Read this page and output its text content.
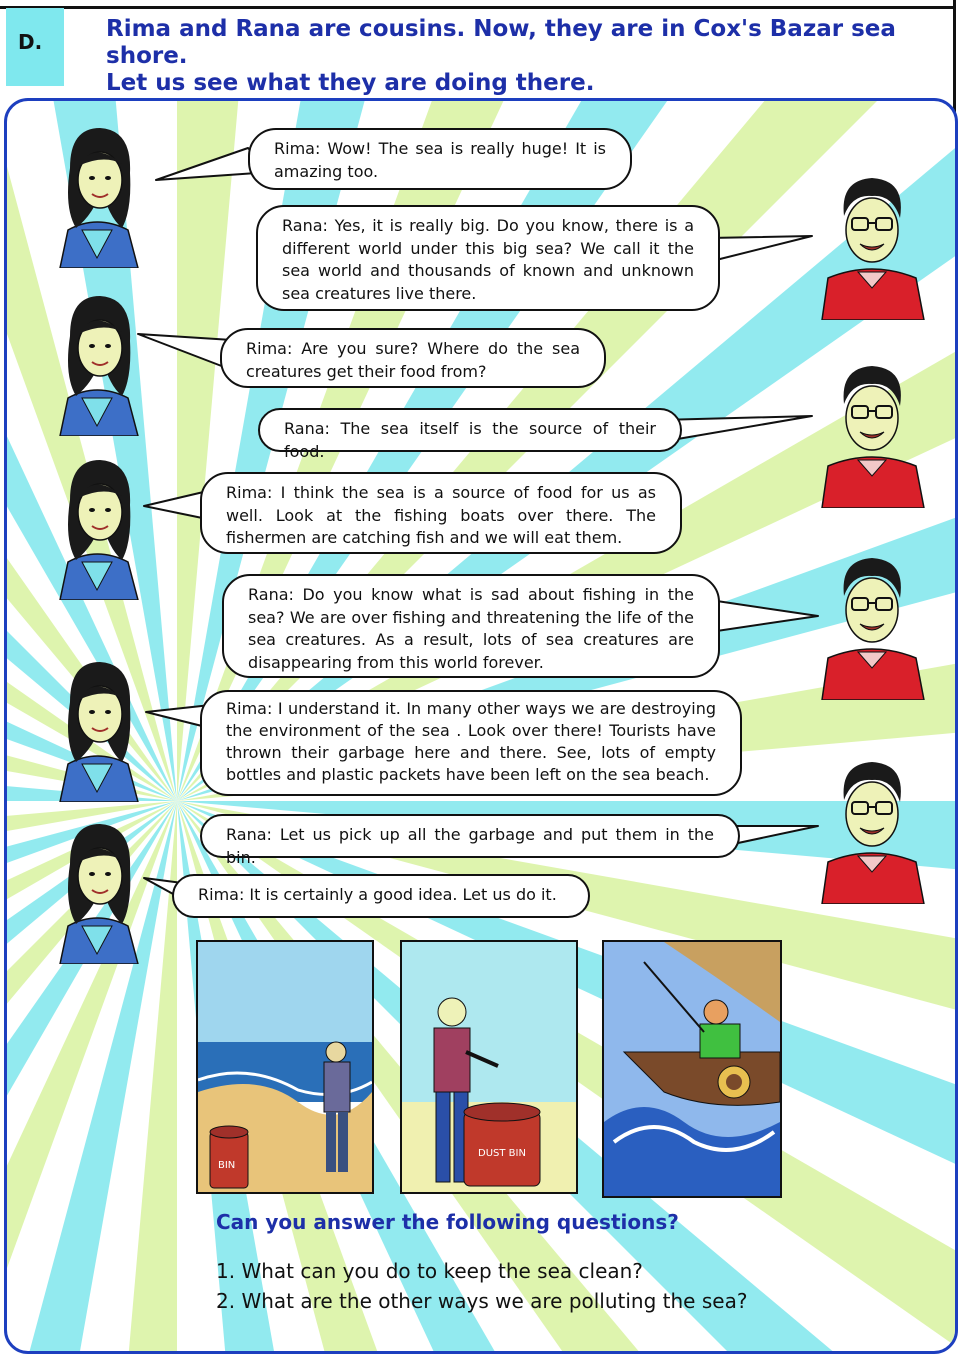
D.	Rima and Rana are cousins. Now, they are in Cox's Bazar sea shore.
Let us see what they are doing there.
Rima: Wow! The sea is really huge! It is amazing too.
Rana: Yes, it is really big. Do you know, there is a different world under this big sea? We call it the sea world and thousands of known and unknown sea creatures live there.
Rima: Are you sure? Where do the sea creatures get their food from?
Rana: The sea itself is the source of their food.
Rima: I think the sea is a source of food for us as well. Look at the fishing boats over there. The fishermen are catching fish and we will eat them.
Rana: Do you know what is sad about fishing in the sea? We are over fishing and threatening the life of the sea creatures. As a result, lots of sea creatures are disappearing from this world forever.
Rima: I understand it. In many other ways we are destroying the environment of the sea . Look over there! Tourists have thrown their garbage here and there. See, lots of empty bottles and plastic packets have been left on the sea beach.
Rana: Let us pick up all the garbage and put them in the bin.
Rima: It is certainly a good idea. Let us do it.
BIN
DUST BIN
Can you answer the following questions?
1. What can you do to keep the sea clean?
2. What are the other ways we are polluting the sea?
